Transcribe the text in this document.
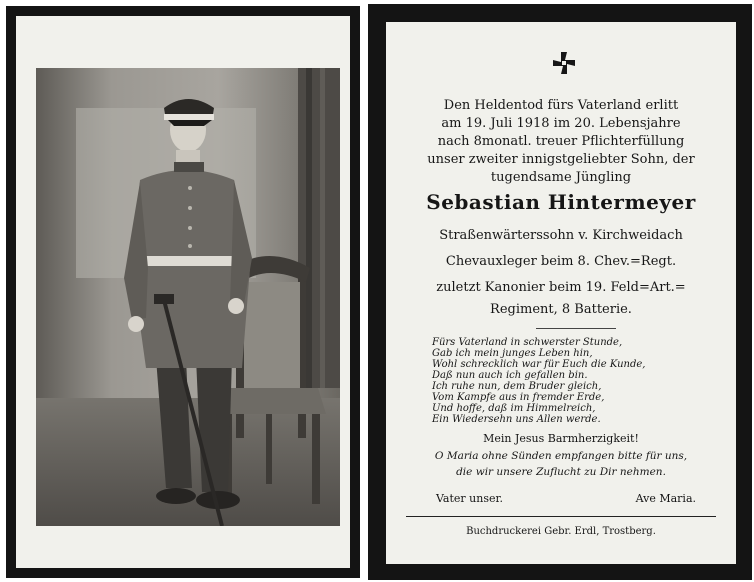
Den Heldentod fürs Vaterland erlitt
am 19. Juli 1918 im 20. Lebensjahre
nach 8monatl. treuer Pflichterfüllung
unser zweiter innigstgeliebter Sohn, der
tugendsame Jüngling
Sebastian Hintermeyer
Straßenwärterssohn v. Kirchweidach
Chevauxleger beim 8. Chev.=Regt.
zuletzt Kanonier beim 19. Feld=Art.=
Regiment, 8 Batterie.
Fürs Vaterland in schwerster Stunde,
Gab ich mein junges Leben hin,
Wohl schrecklich war für Euch die Kunde,
Daß nun auch ich gefallen bin.
Ich ruhe nun, dem Bruder gleich,
Vom Kampfe aus in fremder Erde,
Und hoffe, daß im Himmelreich,
Ein Wiedersehn uns Allen werde.
Mein Jesus Barmherzigkeit!
O Maria ohne Sünden empfangen bitte für uns,
die wir unsere Zuflucht zu Dir nehmen.
Vater unser.	Ave Maria.
Buchdruckerei Gebr. Erdl, Trostberg.
